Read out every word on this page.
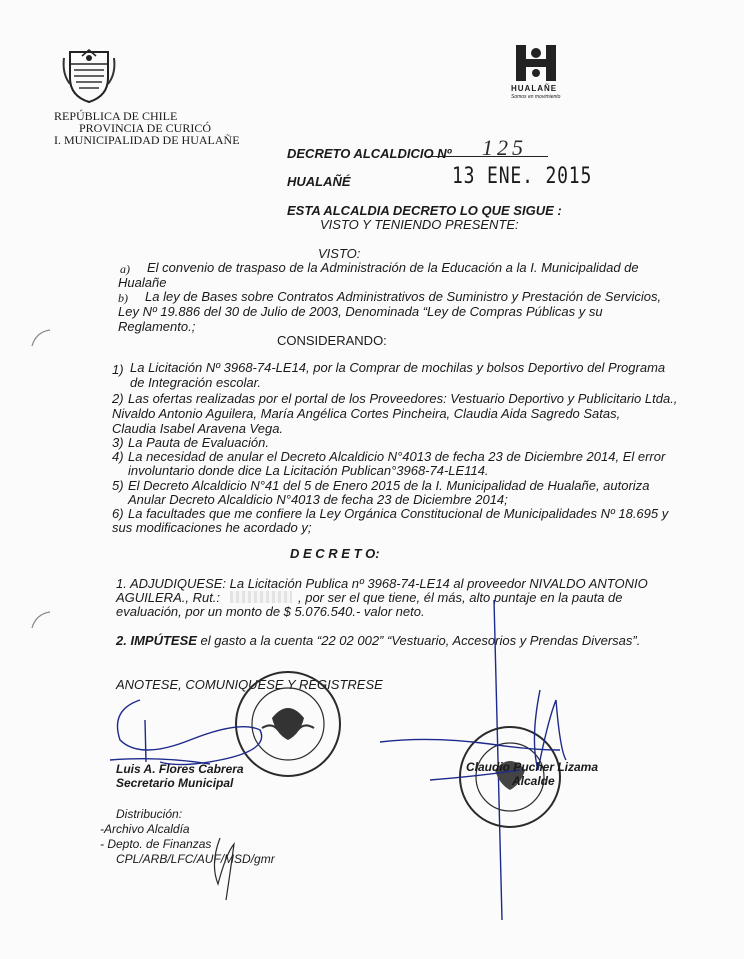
REPÚBLICA DE CHILE
PROVINCIA DE CURICÓ
I. MUNICIPALIDAD DE HUALAÑE
HUALAÑE
Somos en movimiento
DECRETO ALCALDICIO Nº 125
HUALAÑÉ	13 ENE. 2015
ESTA ALCALDIA DECRETO LO QUE SIGUE :
VISTO Y TENIENDO PRESENTE:
VISTO:
a) El convenio de traspaso de la Administración de la Educación a la I. Municipalidad de
Hualañe
b) La ley de Bases sobre Contratos Administrativos de Suministro y Prestación de Servicios,
Ley Nº 19.886 del 30 de Julio de 2003, Denominada “Ley de Compras Públicas y su
Reglamento.;
CONSIDERANDO:
1) La Licitación Nº 3968-74-LE14, por la Comprar de mochilas y bolsos Deportivo del Programa
de Integración escolar.
2) Las ofertas realizadas por el portal de los Proveedores: Vestuario Deportivo y Publicitario Ltda.,
Nivaldo Antonio Aguilera, María Angélica Cortes Pincheira, Claudia Aida Sagredo Satas,
Claudia Isabel Aravena Vega.
3) La Pauta de Evaluación.
4) La necesidad de anular el Decreto Alcaldicio N°4013 de fecha 23 de Diciembre 2014, El error
involuntario donde dice La Licitación Publican°3968-74-LE114.
5) El Decreto Alcaldicio N°41 del 5 de Enero 2015 de la I. Municipalidad de Hualañe, autoriza
Anular Decreto Alcaldicio N°4013 de fecha 23 de Diciembre 2014;
6) La facultades que me confiere la Ley Orgánica Constitucional de Municipalidades Nº 18.695 y
sus modificaciones he acordado y;
D E C R E T O:
1. ADJUDIQUESE: La Licitación Publica nº 3968-74-LE14 al proveedor NIVALDO ANTONIO
AGUILERA., Rut.:	, por ser el que tiene, él más, alto puntaje en la pauta de
evaluación, por un monto de $ 5.076.540.- valor neto.
2. IMPÚTESE el gasto a la cuenta “22 02 002” “Vestuario, Accesorios y Prendas Diversas”.
ANOTESE, COMUNIQUESE Y REGISTRESE
Luis A. Flores Cabrera
Secretario Municipal
Claudio Pucher Lizama
Alcalde
Distribución:
-Archivo Alcaldía
- Depto. de Finanzas
CPL/ARB/LFC/AUF/MSD/gmr
